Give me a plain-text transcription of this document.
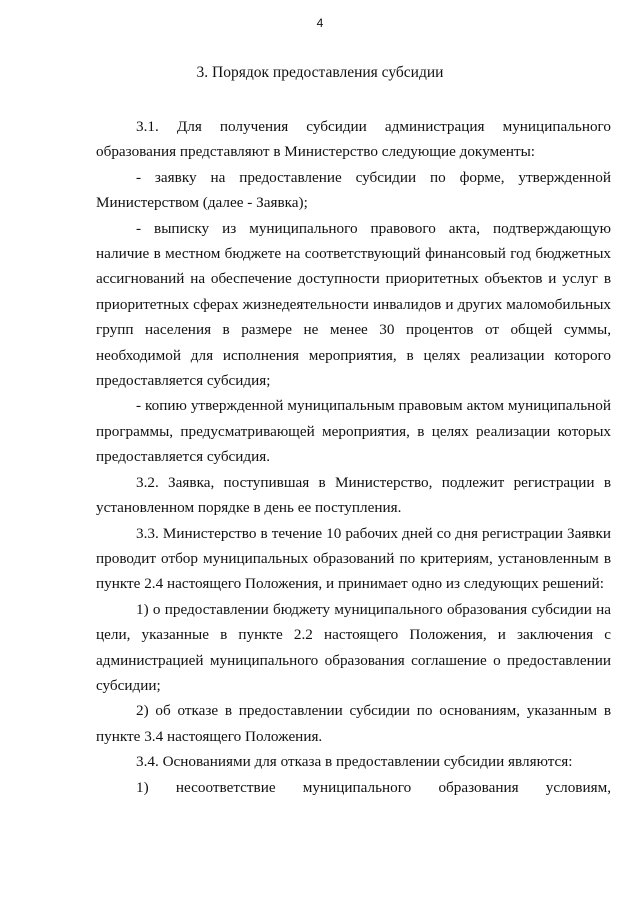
4
3. Порядок предоставления субсидии

3.1. Для получения субсидии администрация муниципального образования представляют в Министерство следующие документы:

- заявку на предоставление субсидии по форме, утвержденной Министерством (далее - Заявка);

- выписку из муниципального правового акта, подтверждающую наличие в местном бюджете на соответствующий финансовый год бюджетных ассигнований на обеспечение доступности приоритетных объектов и услуг в приоритетных сферах жизнедеятельности инвалидов и других маломобильных групп населения в размере не менее 30 процентов от общей суммы, необходимой для исполнения мероприятия, в целях реализации которого предоставляется субсидия;

- копию утвержденной муниципальным правовым актом муниципальной программы, предусматривающей мероприятия, в целях реализации которых предоставляется субсидия.

3.2. Заявка, поступившая в Министерство, подлежит регистрации в установленном порядке в день ее поступления.

3.3. Министерство в течение 10 рабочих дней со дня регистрации Заявки проводит отбор муниципальных образований по критериям, установленным в пункте 2.4 настоящего Положения, и принимает одно из следующих решений:

1) о предоставлении бюджету муниципального образования субсидии на цели, указанные в пункте 2.2 настоящего Положения, и заключения с администрацией муниципального образования соглашение о предоставлении субсидии;

2) об отказе в предоставлении субсидии по основаниям, указанным в пункте 3.4 настоящего Положения.

3.4. Основаниями для отказа в предоставлении субсидии являются:

1) несоответствие муниципального образования условиям,
